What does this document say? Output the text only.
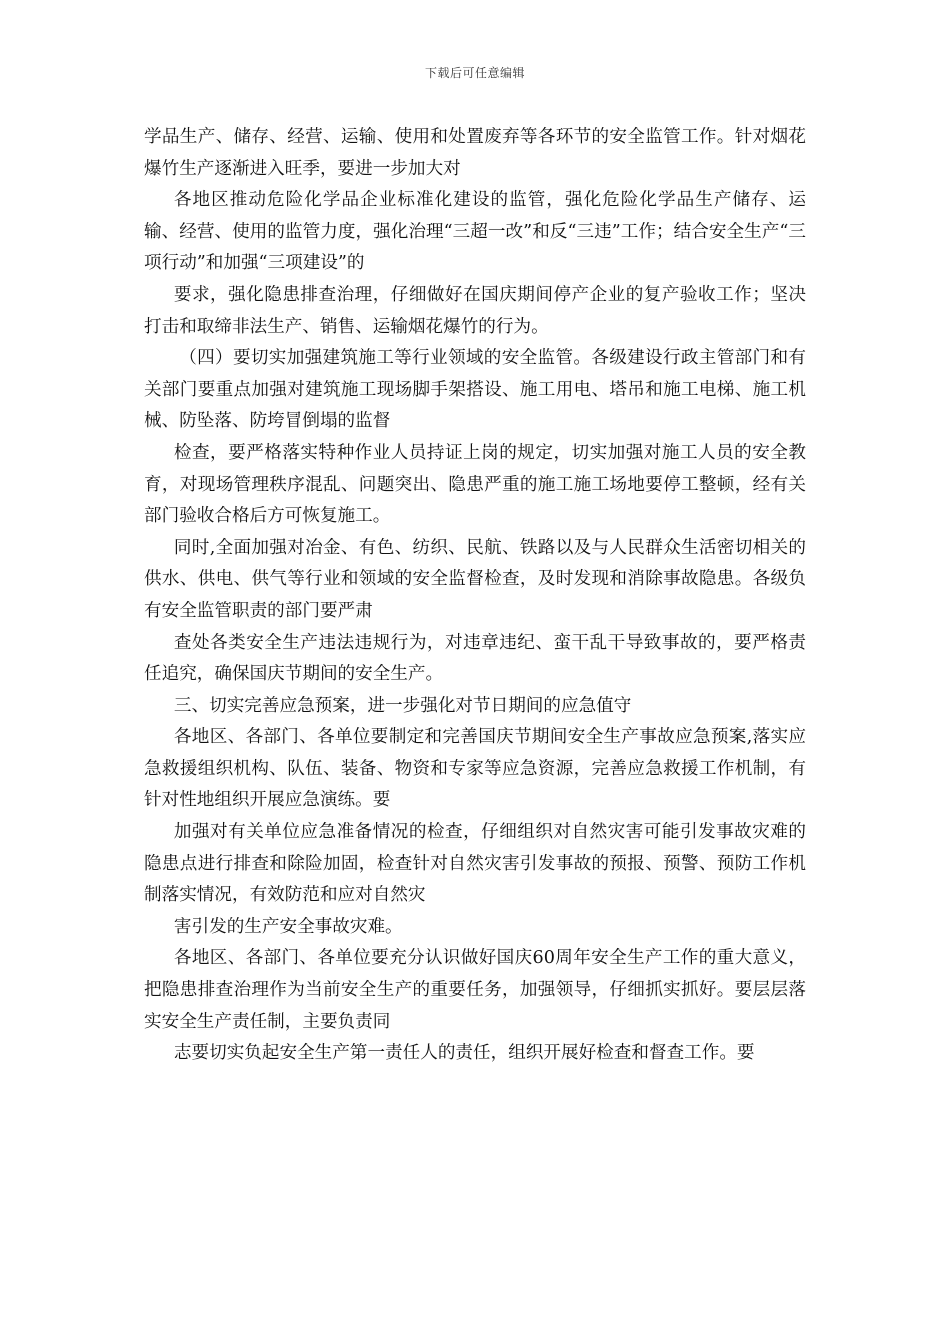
下载后可任意编辑

学品生产、储存、经营、运输、使用和处置废弃等各环节的安全监管工作。针对烟花爆竹生产逐渐进入旺季，要进一步加大对

各地区推动危险化学品企业标准化建设的监管，强化危险化学品生产储存、运输、经营、使用的监管力度，强化治理“三超一改”和反“三违”工作；结合安全生产“三项行动”和加强“三项建设”的

要求，强化隐患排查治理，仔细做好在国庆期间停产企业的复产验收工作；坚决打击和取缔非法生产、销售、运输烟花爆竹的行为。

（四）要切实加强建筑施工等行业领域的安全监管。各级建设行政主管部门和有关部门要重点加强对建筑施工现场脚手架搭设、施工用电、塔吊和施工电梯、施工机械、防坠落、防垮冒倒塌的监督

检查，要严格落实特种作业人员持证上岗的规定，切实加强对施工人员的安全教育，对现场管理秩序混乱、问题突出、隐患严重的施工施工场地要停工整顿，经有关部门验收合格后方可恢复施工。

同时,全面加强对冶金、有色、纺织、民航、铁路以及与人民群众生活密切相关的供水、供电、供气等行业和领域的安全监督检查，及时发现和消除事故隐患。各级负有安全监管职责的部门要严肃

查处各类安全生产违法违规行为，对违章违纪、蛮干乱干导致事故的，要严格责任追究，确保国庆节期间的安全生产。

三、切实完善应急预案，进一步强化对节日期间的应急值守

各地区、各部门、各单位要制定和完善国庆节期间安全生产事故应急预案,落实应急救援组织机构、队伍、装备、物资和专家等应急资源，完善应急救援工作机制，有针对性地组织开展应急演练。要

加强对有关单位应急准备情况的检查，仔细组织对自然灾害可能引发事故灾难的隐患点进行排查和除险加固，检查针对自然灾害引发事故的预报、预警、预防工作机制落实情况，有效防范和应对自然灾

害引发的生产安全事故灾难。

各地区、各部门、各单位要充分认识做好国庆60周年安全生产工作的重大意义，把隐患排查治理作为当前安全生产的重要任务，加强领导，仔细抓实抓好。要层层落实安全生产责任制，主要负责同

志要切实负起安全生产第一责任人的责任，组织开展好检查和督查工作。要
